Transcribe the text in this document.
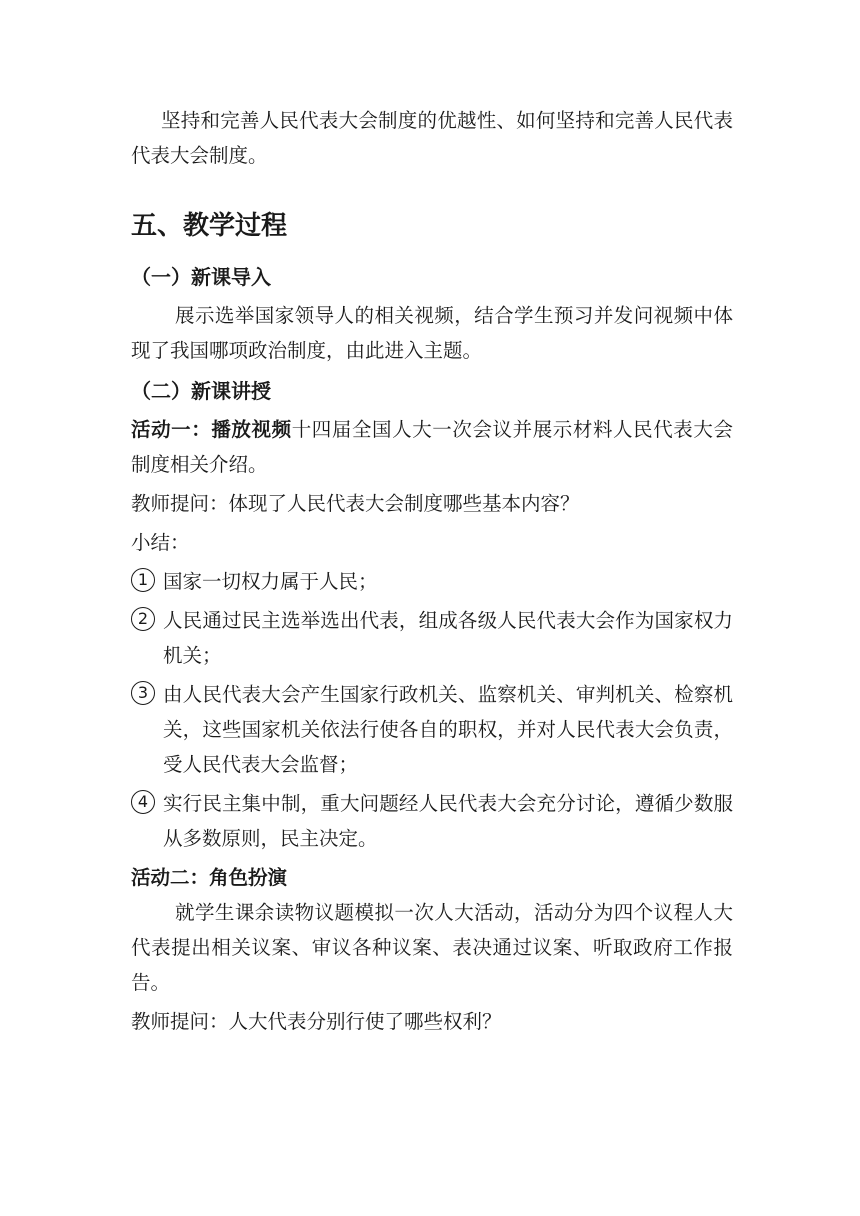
坚持和完善人民代表大会制度的优越性、如何坚持和完善人民代表代表大会制度。

五、教学过程
（一）新课导入

展示选举国家领导人的相关视频，结合学生预习并发问视频中体现了我国哪项政治制度，由此进入主题。

（二）新课讲授

活动一：播放视频十四届全国人大一次会议并展示材料人民代表大会制度相关介绍。

教师提问：体现了人民代表大会制度哪些基本内容？

小结：

1 国家一切权力属于人民；
2 人民通过民主选举选出代表，组成各级人民代表大会作为国家权力机关；
3 由人民代表大会产生国家行政机关、监察机关、审判机关、检察机关，这些国家机关依法行使各自的职权，并对人民代表大会负责，受人民代表大会监督；
4 实行民主集中制，重大问题经人民代表大会充分讨论，遵循少数服从多数原则，民主决定。

活动二：角色扮演

就学生课余读物议题模拟一次人大活动，活动分为四个议程人大代表提出相关议案、审议各种议案、表决通过议案、听取政府工作报告。

教师提问：人大代表分别行使了哪些权利？
